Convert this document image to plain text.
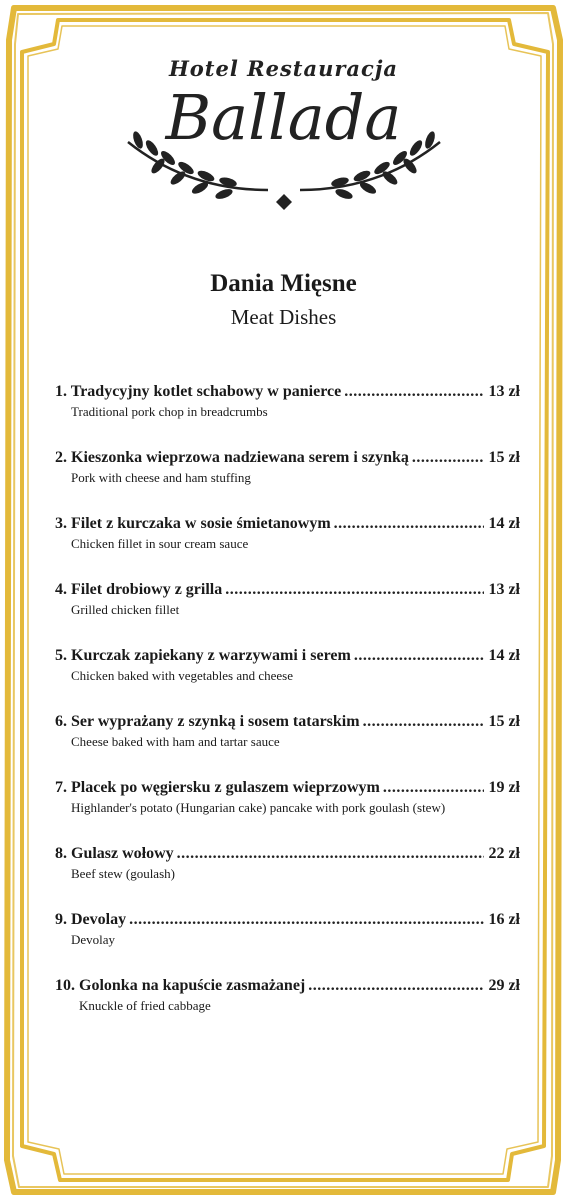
Hotel Restauracja
Ballada
Dania Mięsne
Meat Dishes
1. Tradycyjny kotlet schabowy w panierce .....	13 zł
Traditional pork chop in breadcrumbs
2. Kieszonka wieprzowa nadziewana serem i szynką .....	15 zł
Pork with cheese and ham stuffing
3. Filet z kurczaka w sosie śmietanowym .....	14 zł
Chicken fillet in sour cream sauce
4. Filet drobiowy z grilla .....	13 zł
Grilled chicken fillet
5. Kurczak zapiekany z warzywami i serem .....	14 zł
Chicken baked with vegetables and cheese
6. Ser wyprażany z szynką i sosem tatarskim .....	15 zł
Cheese baked with ham and tartar sauce
7. Placek po węgiersku z gulaszem wieprzowym .....	19 zł
Highlander's potato (Hungarian cake) pancake with pork goulash (stew)
8. Gulasz wołowy .....	22 zł
Beef stew (goulash)
9. Devolay .....	16 zł
Devolay
10. Golonka na kapuście zasmażanej .....	29 zł
Knuckle of fried cabbage
